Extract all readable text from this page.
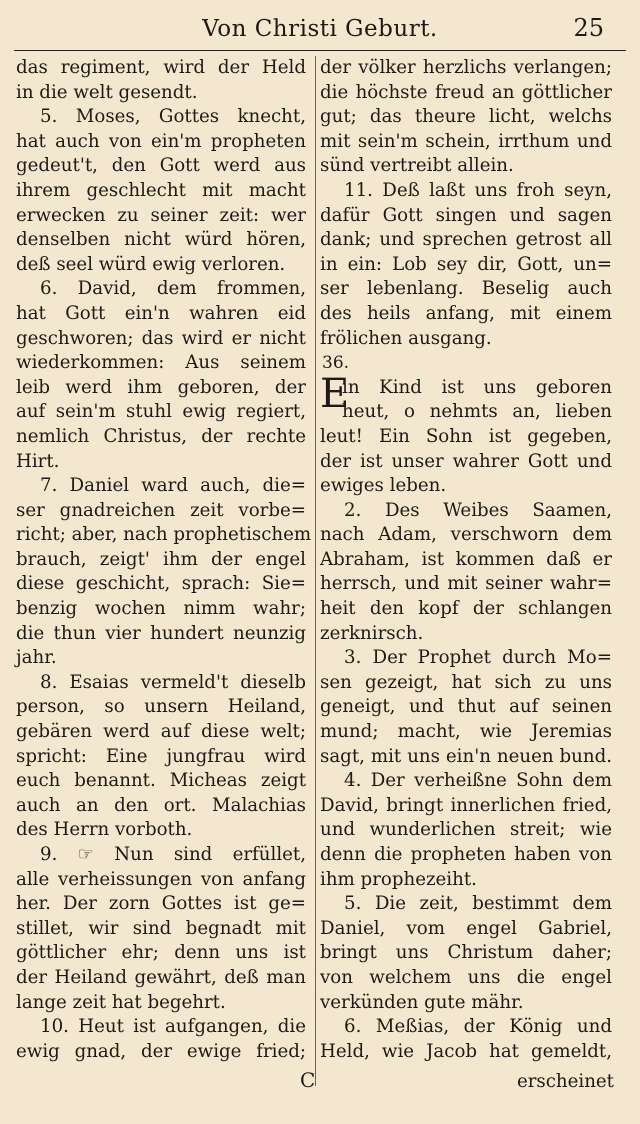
Von Christi Geburt.	25
das regiment, wird der Held
in die welt gesendt.
5. Moses, Gottes knecht,
hat auch von ein'm propheten
gedeut't, den Gott werd aus
ihrem geschlecht mit macht
erwecken zu seiner zeit: wer
denselben nicht würd hören,
deß seel würd ewig verloren.
6. David, dem frommen,
hat Gott ein'n wahren eid
geschworen; das wird er nicht
wiederkommen: Aus seinem
leib werd ihm geboren, der
auf sein'm stuhl ewig regiert,
nemlich Christus, der rechte
Hirt.
7. Daniel ward auch, die=
ser gnadreichen zeit vorbe=
richt; aber, nach prophetischem
brauch, zeigt' ihm der engel
diese geschicht, sprach: Sie=
benzig wochen nimm wahr;
die thun vier hundert neunzig
jahr.
8. Esaias vermeld't dieselb
person, so unsern Heiland,
gebären werd auf diese welt;
spricht: Eine jungfrau wird
euch benannt. Micheas zeigt
auch an den ort. Malachias
des Herrn vorboth.
9. ☞ Nun sind erfüllet,
alle verheissungen von anfang
her. Der zorn Gottes ist ge=
stillet, wir sind begnadt mit
göttlicher ehr; denn uns ist
der Heiland gewährt, deß man
lange zeit hat begehrt.
10. Heut ist aufgangen, die
ewig gnad, der ewige fried;
der völker herzlichs verlangen;
die höchste freud an göttlicher
gut; das theure licht, welchs
mit sein'm schein, irrthum und
sünd vertreibt allein.
11. Deß laßt uns froh seyn,
dafür Gott singen und sagen
dank; und sprechen getrost all
in ein: Lob sey dir, Gott, un=
ser lebenlang. Beselig auch
des heils anfang, mit einem
frölichen ausgang.
36.
E
in Kind ist uns geboren
heut, o nehmts an, lieben
leut! Ein Sohn ist gegeben,
der ist unser wahrer Gott und
ewiges leben.
2. Des Weibes Saamen,
nach Adam, verschworn dem
Abraham, ist kommen daß er
herrsch, und mit seiner wahr=
heit den kopf der schlangen
zerknirsch.
3. Der Prophet durch Mo=
sen gezeigt, hat sich zu uns
geneigt, und thut auf seinen
mund; macht, wie Jeremias
sagt, mit uns ein'n neuen bund.
4. Der verheißne Sohn dem
David, bringt innerlichen fried,
und wunderlichen streit; wie
denn die propheten haben von
ihm prophezeiht.
5. Die zeit, bestimmt dem
Daniel, vom engel Gabriel,
bringt uns Christum daher;
von welchem uns die engel
verkünden gute mähr.
6. Meßias, der König und
Held, wie Jacob hat gemeldt,
C	erscheinet
